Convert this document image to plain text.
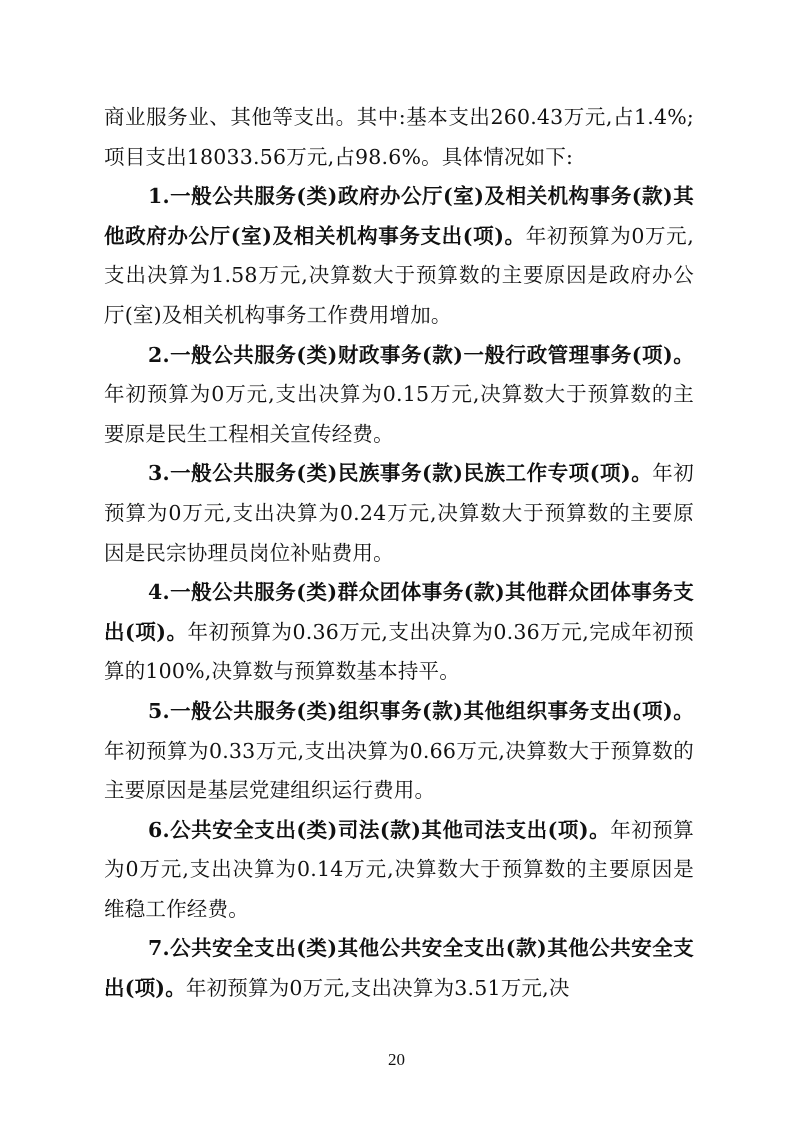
商业服务业、其他等支出。其中:基本支出260.43万元,占1.4%;项目支出18033.56万元,占98.6%。具体情况如下:

1.一般公共服务(类)政府办公厅(室)及相关机构事务(款)其他政府办公厅(室)及相关机构事务支出(项)。年初预算为0万元,支出决算为1.58万元,决算数大于预算数的主要原因是政府办公厅(室)及相关机构事务工作费用增加。

2.一般公共服务(类)财政事务(款)一般行政管理事务(项)。年初预算为0万元,支出决算为0.15万元,决算数大于预算数的主要原是民生工程相关宣传经费。

3.一般公共服务(类)民族事务(款)民族工作专项(项)。年初预算为0万元,支出决算为0.24万元,决算数大于预算数的主要原因是民宗协理员岗位补贴费用。

4.一般公共服务(类)群众团体事务(款)其他群众团体事务支出(项)。年初预算为0.36万元,支出决算为0.36万元,完成年初预算的100%,决算数与预算数基本持平。

5.一般公共服务(类)组织事务(款)其他组织事务支出(项)。年初预算为0.33万元,支出决算为0.66万元,决算数大于预算数的主要原因是基层党建组织运行费用。

6.公共安全支出(类)司法(款)其他司法支出(项)。年初预算为0万元,支出决算为0.14万元,决算数大于预算数的主要原因是维稳工作经费。

7.公共安全支出(类)其他公共安全支出(款)其他公共安全支出(项)。年初预算为0万元,支出决算为3.51万元,决

20
